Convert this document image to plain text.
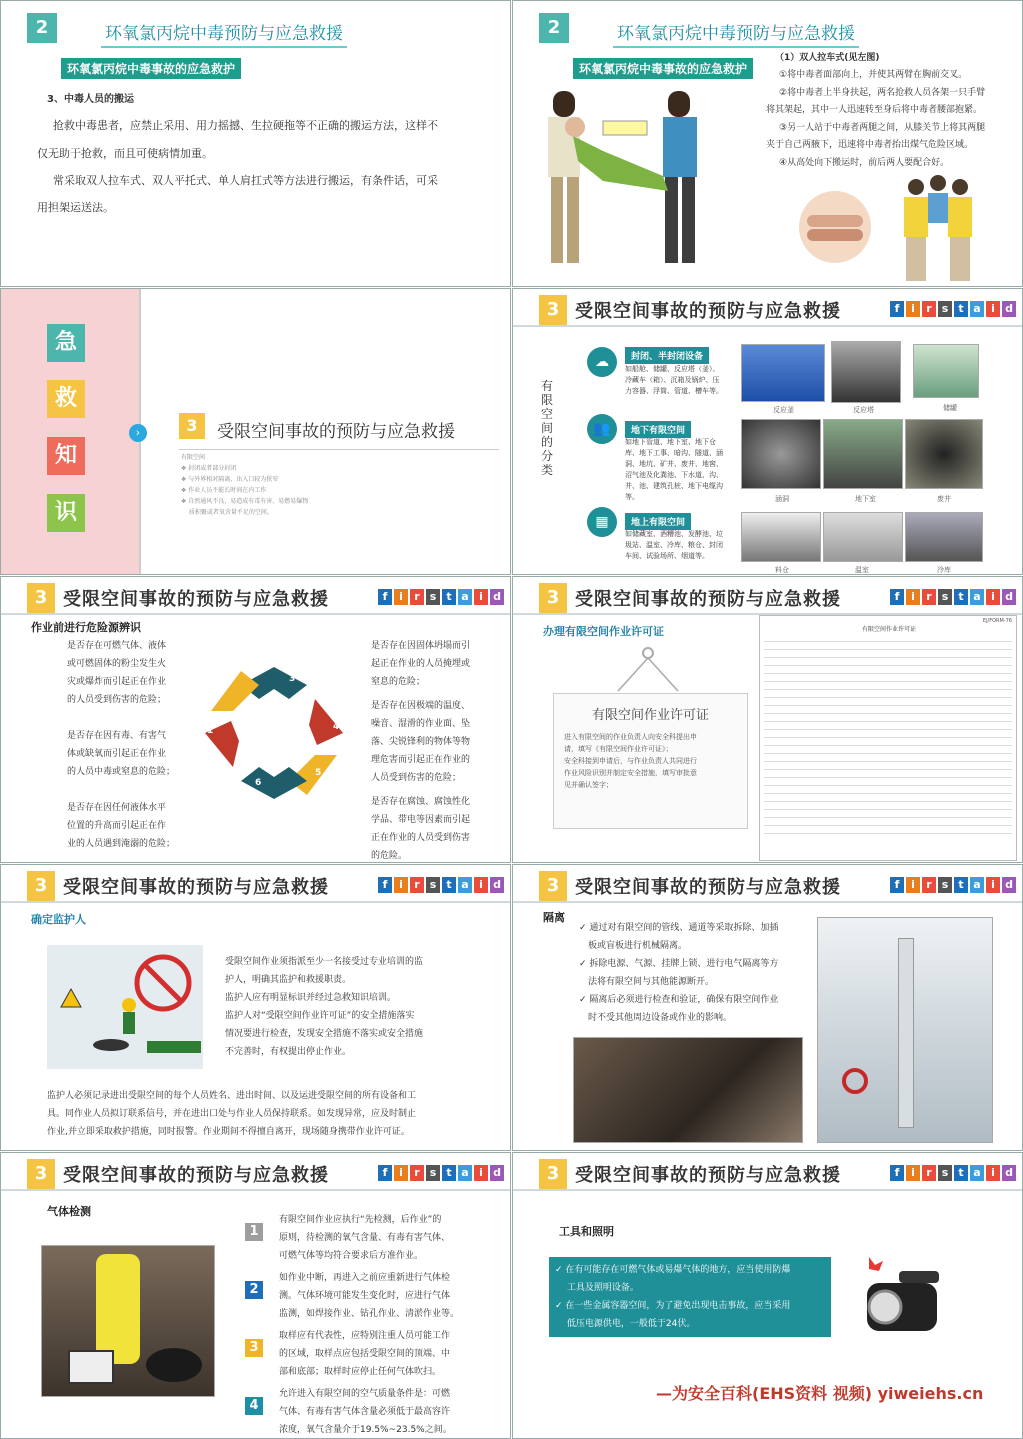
2	环氧氯丙烷中毒预防与应急救援
环氧氯丙烷中毒事故的应急救护
3、中毒人员的搬运
抢救中毒患者，应禁止采用、用力摇撼、生拉硬拖等不正确的搬运方法，这样不
仅无助于抢救，而且可使病情加重。
常采取双人拉车式、双人平托式、单人肩扛式等方法进行搬运，有条件话，可采
用担架运送法。
2	环氧氯丙烷中毒预防与应急救援
环氧氯丙烷中毒事故的应急救护
（1）双人拉车式(见左图)
①将中毒者面部向上，并使其两臂在胸前交叉。
②将中毒者上半身扶起，两名抢救人员各架一只手臂
将其架起，其中一人迅速转至身后将中毒者腰部抱紧。
③另一人站于中毒者两腿之间，从膝关节上将其两腿
夹于自己两腋下，迅速将中毒者抬出煤气危险区域。
④从高处向下搬运时，前后两人要配合好。
急
救
知
识
›	3	受限空间事故的预防与应急救援
有限空间
❖ 封闭或者部分封闭
❖ 与外界相对隔离，出入口较为狭窄
❖ 作业人员不能长时间在内工作
❖ 自然通风不良，易造成有毒有害、易燃易爆物
　 质积聚或者氧含量不足的空间。
3 受限空间事故的预防与应急救援	f	i	r s t a i d
有限空间的分类
☁	封闭、半封闭设备
如船舱、储罐、反应塔（釜）、冷藏车（箱）、沉箱及锅炉、压力容器、浮筒、管道、槽车等。
👥	地下有限空间
如地下管道、地下室、地下仓库、地下工事、暗沟、隧道、涵洞、地坑、矿井、废井、地窖、沼气池及化粪池、下水道、沟、井、池、建筑孔桩、地下电缆沟等。
▦	地上有限空间
如储藏室、酒糟池、发酵池、垃圾站、温室、冷库、粮仓、封闭车间、试验场所、烟道等。
反应釜	反应塔	储罐
涵洞	地下室	废井
料仓	温室	冷库
3 受限空间事故的预防与应急救援	f	i	r s t a i d
作业前进行危险源辨识
是否存在可燃气体、液体
或可燃固体的粉尘发生火
灾或爆炸而引起正在作业
的人员受到伤害的危险；
是否存在因有毒、有害气
体或缺氧而引起正在作业
的人员中毒或窒息的危险；
是否存在因任何液体水平
位置的升高而引起正在作
业的人员遇到淹溺的危险；
2	3
4
5
6
1
是否存在因固体坍塌而引
起正在作业的人员掩埋或
窒息的危险；
是否存在因极端的温度、
噪音、湿滑的作业面、坠
落、尖锐锋利的物体等物
理危害而引起正在作业的
人员受到伤害的危险；
是否存在腐蚀、腐蚀性化
学品、带电等因素而引起
正在作业的人员受到伤害
的危险。
3 受限空间事故的预防与应急救援	f	i	r s t a i d
办理有限空间作业许可证
有限空间作业许可证
进入有限空间的作业负责人向安全科提出申
请，填写《有限空间作业许可证》；
安全科接到申请后，与作业负责人共同进行
作业风险识别并制定安全措施，填写审批意
见并确认签字；
有限空间作业许可证
EJ/FORM-76
3 受限空间事故的预防与应急救援	f	i	r s t a i d
确定监护人
受限空间作业须指派至少一名接受过专业培训的监
护人，明确其监护和救援职责。
监护人应有明显标识并经过急救知识培训。
监护人对“受限空间作业许可证”的安全措施落实
情况要进行检查，发现安全措施不落实或安全措施
不完善时，有权提出停止作业。
监护人必须记录进出受限空间的每个人员姓名、进出时间、以及运进受限空间的所有设备和工
具。同作业人员拟订联系信号，并在进出口处与作业人员保持联系。如发现异常，应及时制止
作业,并立即采取救护措施，同时报警。作业期间不得擅自离开，现场随身携带作业许可证。
3 受限空间事故的预防与应急救援	f	i	r s t a i d
隔离
✓ 通过对有限空间的管线、通道等采取拆除、加插
　板或盲板进行机械隔离。
✓ 拆除电源、气源、挂牌上锁、进行电气隔离等方
　法将有限空间与其他能源断开。
✓ 隔离后必须进行检查和验证，确保有限空间作业
　时不受其他周边设备或作业的影响。
3 受限空间事故的预防与应急救援	f	i	r s t a i d
气体检测
1
有限空间作业应执行“先检测，后作业”的
原则，待检测的氧气含量、有毒有害气体、
可燃气体等均符合要求后方准作业。
2
如作业中断，再进入之前应重新进行气体检
测。气体环境可能发生变化时，应进行气体
监测，如焊接作业、钻孔作业、清淤作业等。
3
取样应有代表性，应特别注重人员可能工作
的区域，取样点应包括受限空间的顶端、中
部和底部；取样时应停止任何气体吹扫。
4
允许进入有限空间的空气质量条件是：可燃
气体、有毒有害气体含量必须低于最高容许
浓度，氧气含量介于19.5%~23.5%之间。
3 受限空间事故的预防与应急救援	f	i	r s t a i d
工具和照明
✓ 在有可能存在可燃气体或易爆气体的地方，应当使用防爆
　 工具及照明设备。
✓ 在一些金属容器空间，为了避免出现电击事故，应当采用
　 低压电源供电，一般低于24伏。
—为安全百科(EHS资料 视频) yiweiehs.cn
